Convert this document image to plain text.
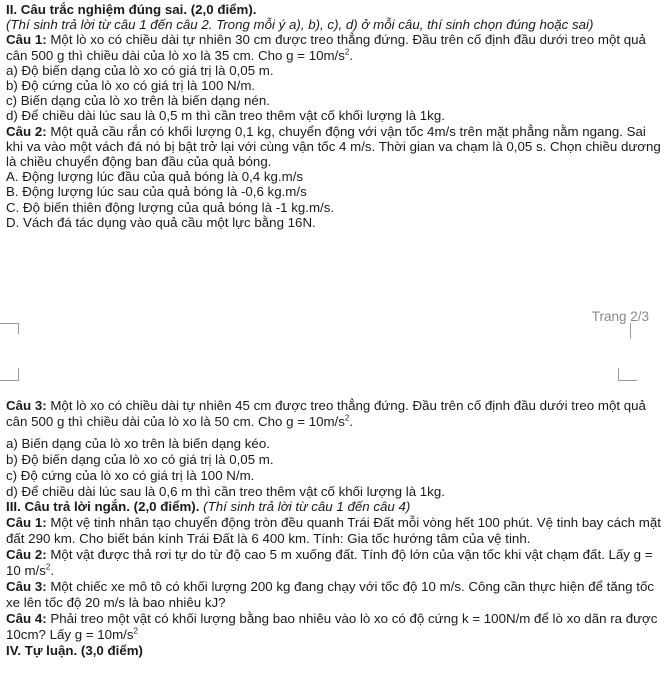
II. Câu trắc nghiệm đúng sai. (2,0 điểm).
(Thí sinh trả lời từ câu 1 đến câu 2. Trong mỗi ý a), b), c), d) ở mỗi câu, thí sinh chọn đúng hoặc sai)
Câu 1: Một lò xo có chiều dài tự nhiên 30 cm được treo thẳng đứng. Đầu trên cố định đầu dưới treo một quả cân 500 g thì chiều dài của lò xo là 35 cm. Cho $g = 10m/s^2$.
a) Độ biến dạng của lò xo có giá trị là 0,05 m.
b) Độ cứng của lò xo có giá trị là 100 N/m.
c) Biến dạng của lò xo trên là biến dạng nén.
d) Để chiều dài lúc sau là 0,5 m thì cần treo thêm vật cố khối lượng là 1kg.
Câu 2: Một quả cầu rắn có khối lượng 0,1 kg, chuyển động với vận tốc 4m/s trên mặt phẳng nằm ngang. Sai khi va vào một vách đá nó bị bật trở lại với cùng vận tốc 4 m/s. Thời gian va chạm là 0,05 s. Chọn chiều dương là chiều chuyển động ban đầu của quả bóng.
A. Động lượng lúc đầu của quả bóng là 0,4 kg.m/s
B. Động lượng lúc sau của quả bóng là -0,6 kg.m/s
C. Độ biến thiên động lượng của quả bóng là -1 kg.m/s.
D. Vách đá tác dụng vào quả cầu một lực bằng 16N.
Trang 2/3
Câu 3: Một lò xo có chiều dài tự nhiên 45 cm được treo thẳng đứng. Đầu trên cố định đầu dưới treo một quả cân 500 g thì chiều dài của lò xo là 50 cm. Cho $g = 10m/s^2$.
a) Biến dạng của lò xo trên là biến dạng kéo.
b) Độ biến dạng của lò xo có giá trị là 0,05 m.
c) Độ cứng của lò xo có giá trị là 100 N/m.
d) Để chiều dài lúc sau là 0,6 m thì cần treo thêm vật cố khối lượng là 1kg.
III. Câu trả lời ngắn. (2,0 điểm). (Thí sinh trả lời từ câu 1 đến câu 4)
Câu 1: Một vệ tinh nhân tạo chuyển động tròn đều quanh Trái Đất mỗi vòng hết 100 phút. Vệ tinh bay cách mặt đất 290 km. Cho biết bán kính Trái Đất là 6 400 km. Tính: Gia tốc hướng tâm của vệ tinh.
Câu 2: Một vật được thả rơi tự do từ độ cao 5 m xuống đất. Tính độ lớn của vận tốc khi vật chạm đất. Lấy g = 10 $m/s^2$.
Câu 3: Một chiếc xe mô tô có khối lượng 200 kg đang chạy với tốc độ 10 m/s. Công cần thực hiện để tăng tốc xe lên tốc độ 20 m/s là bao nhiêu kJ?
Câu 4: Phải treo một vật có khối lượng bằng bao nhiêu vào lò xo có độ cứng k = 100N/m để lò xo dãn ra được 10cm? Lấy $g = 10m/s^2$
IV. Tự luận. (3,0 điểm)
